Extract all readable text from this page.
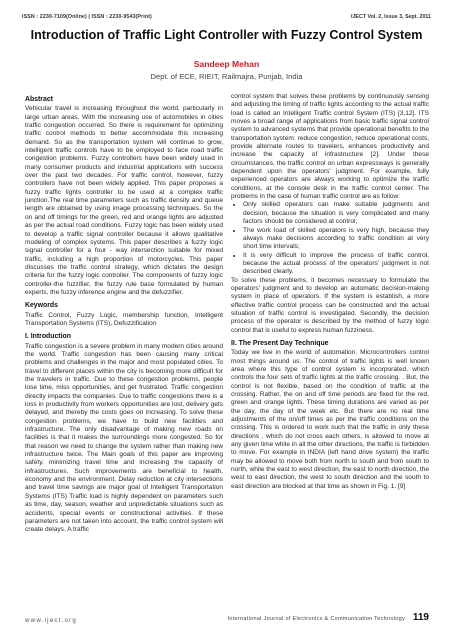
ISSN : 2230-7109(Online) | ISSN : 2230-9543(Print)	IJECT Vol. 2, Issue 3, Sept. 2011
Introduction of Traffic Light Controller with Fuzzy Control System
Sandeep Mehan
Dept. of ECE, RIEIT, Railmajra, Punjab, India
Abstract

Vehicular travel is increasing throughout the world, particularly in large urban areas. With the increasing use of automobiles in cities traffic congestion occurred. So there is requirement for optimizing traffic control methods to better accommodate this increasing demand. So as the transportation system will continue to grow, intelligent traffic controls have to be employed to face road traffic congestion problems. Fuzzy controllers have been widely used in many consumer products and industrial applications with success over the past two decades. For traffic control, however, fuzzy controllers have not been widely applied. This paper proposes a fuzzy traffic lights controller to be used at a complex traffic junction.The real time parameters such as traffic density and queue length are obtained by using image processing techniques. So the on and off timings for the green, red and orange lights are adjusted as per the actual road conditions. Fuzzy logic has been widely used to develop a traffic signal controller because it allows qualitative modeling of complex systems. This paper describes a fuzzy logic signal controller for a four - way intersection suitable for mixed traffic, including a high proportion of motorcycles. This paper discusses the traffic control strategy, which dictates the design criteria for the fuzzy logic controller. The components of fuzzy logic controller-the fuzzifier, the fuzzy rule base formulated by human experts, the fuzzy inference engine and the defuzzifier.

Keywords

Traffic Control, Fuzzy Logic, membership function, Intelligent Transportation Systems (ITS), Defuzzification

I. Introduction

Traffic congestion is a severe problem in many modern cities around the world. Traffic congestion has been causing many critical problems and challenges in the major and most populated cities. To travel to different places within the city is becoming more difficult for the travelers in traffic. Due to these congestion problems, people lose time, miss opportunities, and get frustrated. Traffic congestion directly impacts the companies. Due to traffic congestions there is a loss in productivity from workers opportunities are lost, delivery gets delayed, and thereby the costs goes on increasing. To solve these congestion problems, we have to build new facilities and infrastructure. The only disadvantage of making new roads on facilities is that it makes the surroundings more congested. So for that reason we need to change the system rather than making new infrastructure twice. The Main goals of this paper are improving safety, minimizing travel time and increasing the capacity of infrastructures. Such improvements are beneficial to health, economy and the environment. Delay reduction at city intersections and travel time savings are major goal of Intelligent Transportation Systems (ITS) Traffic load is highly dependent on parameters such as time, day, season, weather and unpredictable situations such as accidents, special events or constructional activities. If these parameters are not taken into account, the traffic control system will create delays. A traffic

control system that solves these problems by continuously sensing and adjusting the timing of traffic lights according to the actual traffic load is called an Intelligent Traffic control System (ITS) [3,12]. ITS moves a broad range of applications from basic traffic signal control system to advanced systems that provide operational benefits to the transportation system: reduce congestion, reduce operational costs, provide alternate routes to travelers, enhances productivity and increase the capacity of infrastructure [2]. Under these circumstances, the traffic control on urban expressways is generally dependent upon the operators' judgment. For example, fully experienced operators are always working to optimize the traffic conditions, at the console desk in the traffic control center. The problems in the case of human traffic control are as follow:

• Only skilled operators can make suitable judgments and decision, because the situation is very complicated and many factors should be considered at control;
• The work load of skilled operators is very high, because they always make decisions according to traffic condition at very short time intervals;
• It is very difficult to improve the process of traffic control, because the actual process of the operators' judgment is not described clearly.

To solve these problems, it becomes necessary to formulate the operators' judgment and to develop an automatic decision-making system in place of operators. If the system is establish, a more effective traffic control process can be constructed and the actual situation of traffic control is investigated. Secondly, the decision process of the operator is described by the method of fuzzy logic control that is useful to express human fuzziness.

II. The Present Day Technique

Today we live in the world of automation. Microcontrollers control most things around us. The control of traffic lights is well known area where this type of control system is incorporated, which controls the four sets of traffic lights at the traffic crossing. . But, the control is not flexible, based on the condition of traffic at the crossing. Rather, the on and off time periods are fixed for the red, green and orange lights. These timing durations are varied as per the day, the day of the week etc. But there are no real time adjustments of the on/off times as per the traffic conditions on the crossing. This is ordered to work such that the traffic in only these directions , which do not cross each others, is allowed to move at any given time while in all the other directions, the traffic is forbidden to move. For example in INDIA (left hand drive system) the traffic may be allowed to move both from north to south and from south to north, while the east to west direction, the east to north direction, the west to east direction, the west to south direction and the south to east direction are blocked at that time as shown in Fig. 1. [9]

www.iject.org	International Journal of Electronics & Communication Technology 119
